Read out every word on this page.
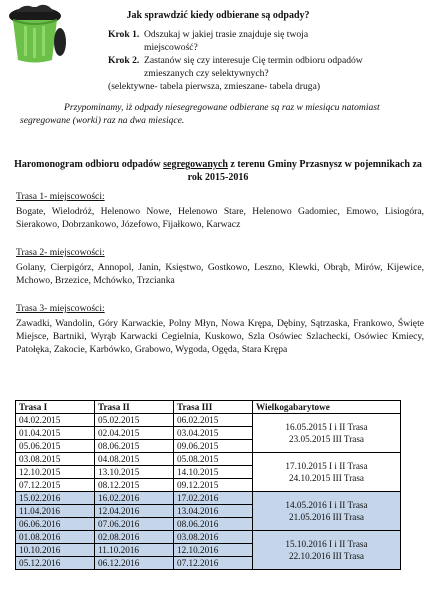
Jak sprawdzić kiedy odbierane są odpady?
Krok 1. Odszukaj w jakiej trasie znajduje się twoja
miejscowość?
Krok 2. Zastanów się czy interesuje Cię termin odbioru odpadów
zmieszanych czy selektywnych?
(selektywne- tabela pierwsza, zmieszane- tabela druga)
Przypominamy, iż odpady niesegregowane odbierane są raz w miesiącu natomiast segregowane (worki) raz na dwa miesiące.
Haromonogram odbioru odpadów segregowanych z terenu Gminy Przasnysz w pojemnikach za rok 2015-2016
Trasa 1- miejscowości:
Bogate, Wielodróż, Helenowo Nowe, Helenowo Stare, Helenowo Gadomiec, Emowo, Lisiogóra, Sierakowo, Dobrzankowo, Józefowo, Fijałkowo, Karwacz
Trasa 2- miejscowości:
Golany, Cierpigórz, Annopol, Janin, Księstwo, Gostkowo, Leszno, Klewki, Obrąb, Mirów, Kijewice, Mchowo, Brzezice, Mchówko, Trzcianka
Trasa 3- miejscowości:
Zawadki, Wandolin, Góry Karwackie, Polny Młyn, Nowa Krępa, Dębiny, Sątrzaska, Frankowo, Święte Miejsce, Bartniki, Wyrąb Karwacki Cegielnia, Kuskowo, Szla Osówiec Szlachecki, Osówiec Kmiecy, Patołęka, Zakocie, Karbówko, Grabowo, Wygoda, Ogęda, Stara Krępa
Trasa I	Trasa II	Trasa III	Wielkogabarytowe
04.02.2015	05.02.2015	06.02.2015	16.05.2015 I i II Trasa
23.05.2015 III Trasa

01.04.2015	02.04.2015	03.04.2015	
05.06.2015	08.06.2015	09.06.2015	
03.08.2015	04.08.2015	05.08.2015	17.10.2015 I i II Trasa
24.10.2015 III Trasa

12.10.2015	13.10.2015	14.10.2015	
07.12.2015	08.12.2015	09.12.2015	
15.02.2016	16.02.2016	17.02.2016	14.05.2016 I i II Trasa
21.05.2016 III Trasa

11.04.2016	12.04.2016	13.04.2016	
06.06.2016	07.06.2016	08.06.2016	
01.08.2016	02.08.2016	03.08.2016	15.10.2016 I i II Trasa
22.10.2016 III Trasa

10.10.2016	11.10.2016	12.10.2016	
05.12.2016	06.12.2016	07.12.2016	
